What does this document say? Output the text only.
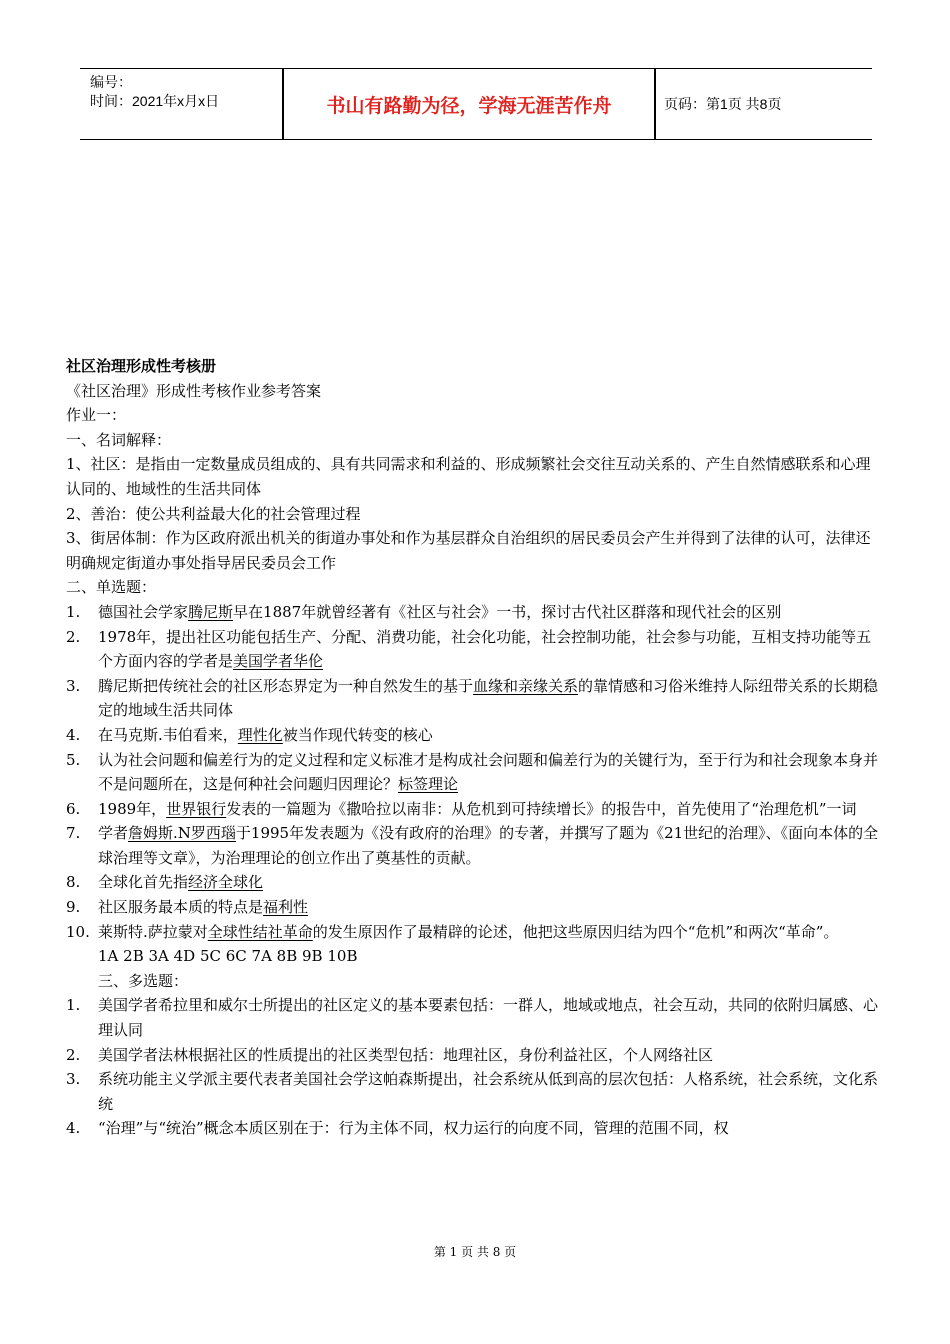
编号：
时间：2021年x月x日	书山有路勤为径，学海无涯苦作舟	页码：第1页 共8页

社区治理形成性考核册

《社区治理》形成性考核作业参考答案

作业一：

一、名词解释：

1、社区：是指由一定数量成员组成的、具有共同需求和利益的、形成频繁社会交往互动关系的、产生自然情感联系和心理认同的、地域性的生活共同体

2、善治：使公共利益最大化的社会管理过程

3、街居体制：作为区政府派出机关的街道办事处和作为基层群众自治组织的居民委员会产生并得到了法律的认可，法律还明确规定街道办事处指导居民委员会工作

二、单选题：

1.	德国社会学家腾尼斯早在1887年就曾经著有《社区与社会》一书，探讨古代社区群落和现代社会的区别
2.	1978年，提出社区功能包括生产、分配、消费功能，社会化功能，社会控制功能，社会参与功能，互相支持功能等五个方面内容的学者是美国学者华伦
3.	腾尼斯把传统社会的社区形态界定为一种自然发生的基于血缘和亲缘关系的靠情感和习俗米维持人际纽带关系的长期稳定的地域生活共同体
4.	在马克斯.韦伯看来，理性化被当作现代转变的核心
5.	认为社会问题和偏差行为的定义过程和定义标准才是构成社会问题和偏差行为的关键行为，至于行为和社会现象本身并不是问题所在，这是何种社会问题归因理论？标签理论
6.	1989年，世界银行发表的一篇题为《撒哈拉以南非：从危机到可持续增长》的报告中，首先使用了“治理危机”一词
7.	学者詹姆斯.N罗西瑙于1995年发表题为《没有政府的治理》的专著，并撰写了题为《21世纪的治理》、《面向本体的全球治理等文章》，为治理理论的创立作出了奠基性的贡献。
8.	全球化首先指经济全球化
9.	社区服务最本质的特点是福利性
10. 莱斯特.萨拉蒙对全球性结社革命的发生原因作了最精辟的论述，他把这些原因归结为四个“危机”和两次“革命”。

1A 2B 3A 4D 5C 6C 7A 8B 9B 10B

三、多选题：

1.	美国学者希拉里和威尔士所提出的社区定义的基本要素包括：一群人，地域或地点，社会互动，共同的依附归属感、心理认同
2.	美国学者法林根据社区的性质提出的社区类型包括：地理社区，身份利益社区，个人网络社区
3.	系统功能主义学派主要代表者美国社会学这帕森斯提出，社会系统从低到高的层次包括：人格系统，社会系统，文化系统
4.	“治理”与“统治”概念本质区别在于：行为主体不同，权力运行的向度不同，管理的范围不同，权
第 1 页 共 8 页
